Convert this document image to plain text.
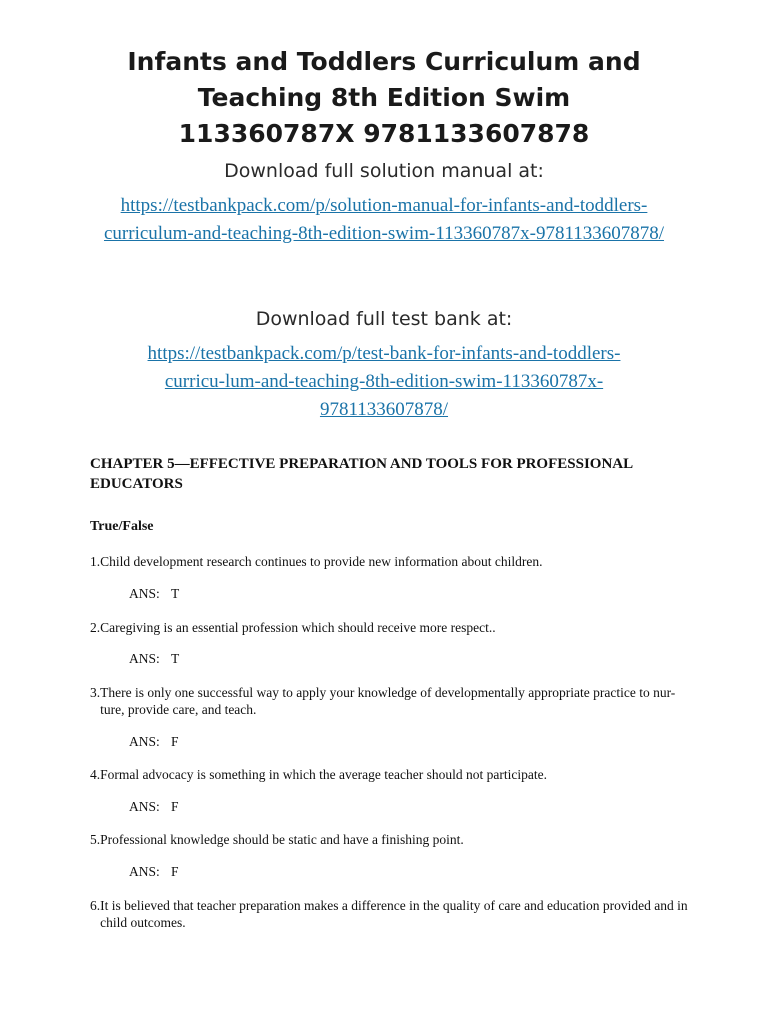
Infants and Toddlers Curriculum and Teaching 8th Edition Swim 113360787X 9781133607878

Download full solution manual at:

https://testbankpack.com/p/solution-manual-for-infants-and-toddlers-curriculum-and-teaching-8th-edition-swim-113360787x-9781133607878/

Download full test bank at:

https://testbankpack.com/p/test-bank-for-infants-and-toddlers-curricu-lum-and-teaching-8th-edition-swim-113360787x-9781133607878/

CHAPTER 5—EFFECTIVE PREPARATION AND TOOLS FOR PROFESSIONAL EDUCATORS

True/False

1. Child development research continues to provide new information about children.
ANS: T
2. Caregiving is an essential profession which should receive more respect..
ANS: T
3. There is only one successful way to apply your knowledge of developmentally appropriate practice to nur-ture, provide care, and teach.
ANS: F
4. Formal advocacy is something in which the average teacher should not participate.
ANS: F
5. Professional knowledge should be static and have a finishing point.
ANS: F
6. It is believed that teacher preparation makes a difference in the quality of care and education provided and in child outcomes.
